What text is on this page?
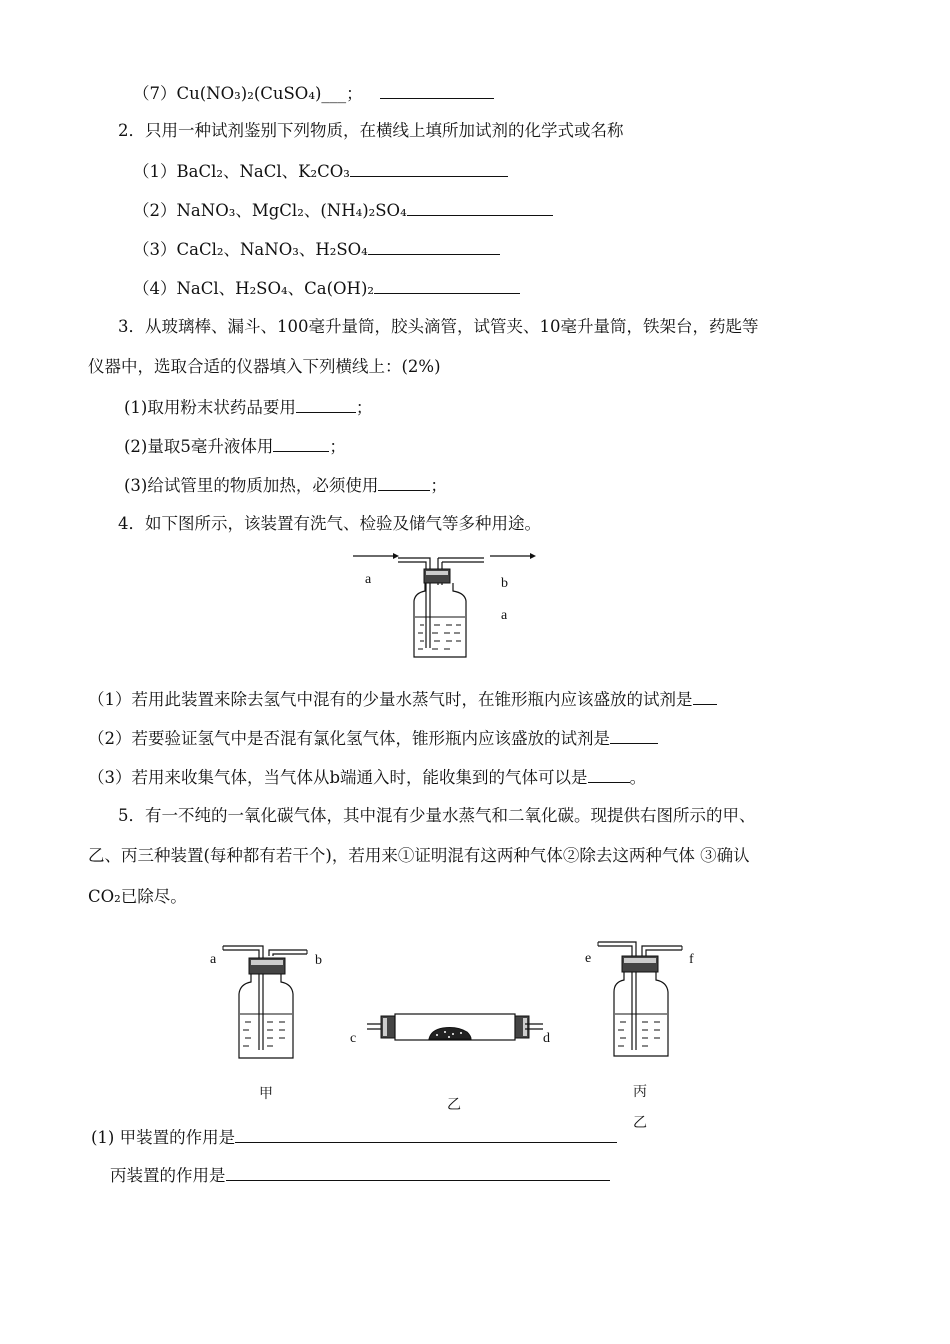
（7）Cu(NO₃)₂(CuSO₄)___；
2．只用一种试剂鉴别下列物质，在横线上填所加试剂的化学式或名称
（1）BaCl₂、NaCl、K₂CO₃
（2）NaNO₃、MgCl₂、(NH₄)₂SO₄
（3）CaCl₂、NaNO₃、H₂SO₄
（4）NaCl、H₂SO₄、Ca(OH)₂
3．从玻璃棒、漏斗、100毫升量筒，胶头滴管，试管夹、10毫升量筒，铁架台，药匙等
仪器中，选取合适的仪器填入下列横线上：(2%)
(1)取用粉末状药品要用	；
(2)量取5毫升液体用	；
(3)给试管里的物质加热，必须使用	；
4．如下图所示，该装置有洗气、检验及储气等多种用途。
a	b
a
（1）若用此装置来除去氢气中混有的少量水蒸气时，在锥形瓶内应该盛放的试剂是
（2）若要验证氢气中是否混有氯化氢气体，锥形瓶内应该盛放的试剂是
（3）若用来收集气体，当气体从b端通入时，能收集到的气体可以是	。
5．有一不纯的一氧化碳气体，其中混有少量水蒸气和二氧化碳。现提供右图所示的甲、
乙、丙三种装置(每种都有若干个)，若用来①证明混有这两种气体②除去这两种气体 ③确认
CO₂已除尽。
a	b
甲
c	d
乙
e	f
丙
乙
(1) 甲装置的作用是
丙装置的作用是
